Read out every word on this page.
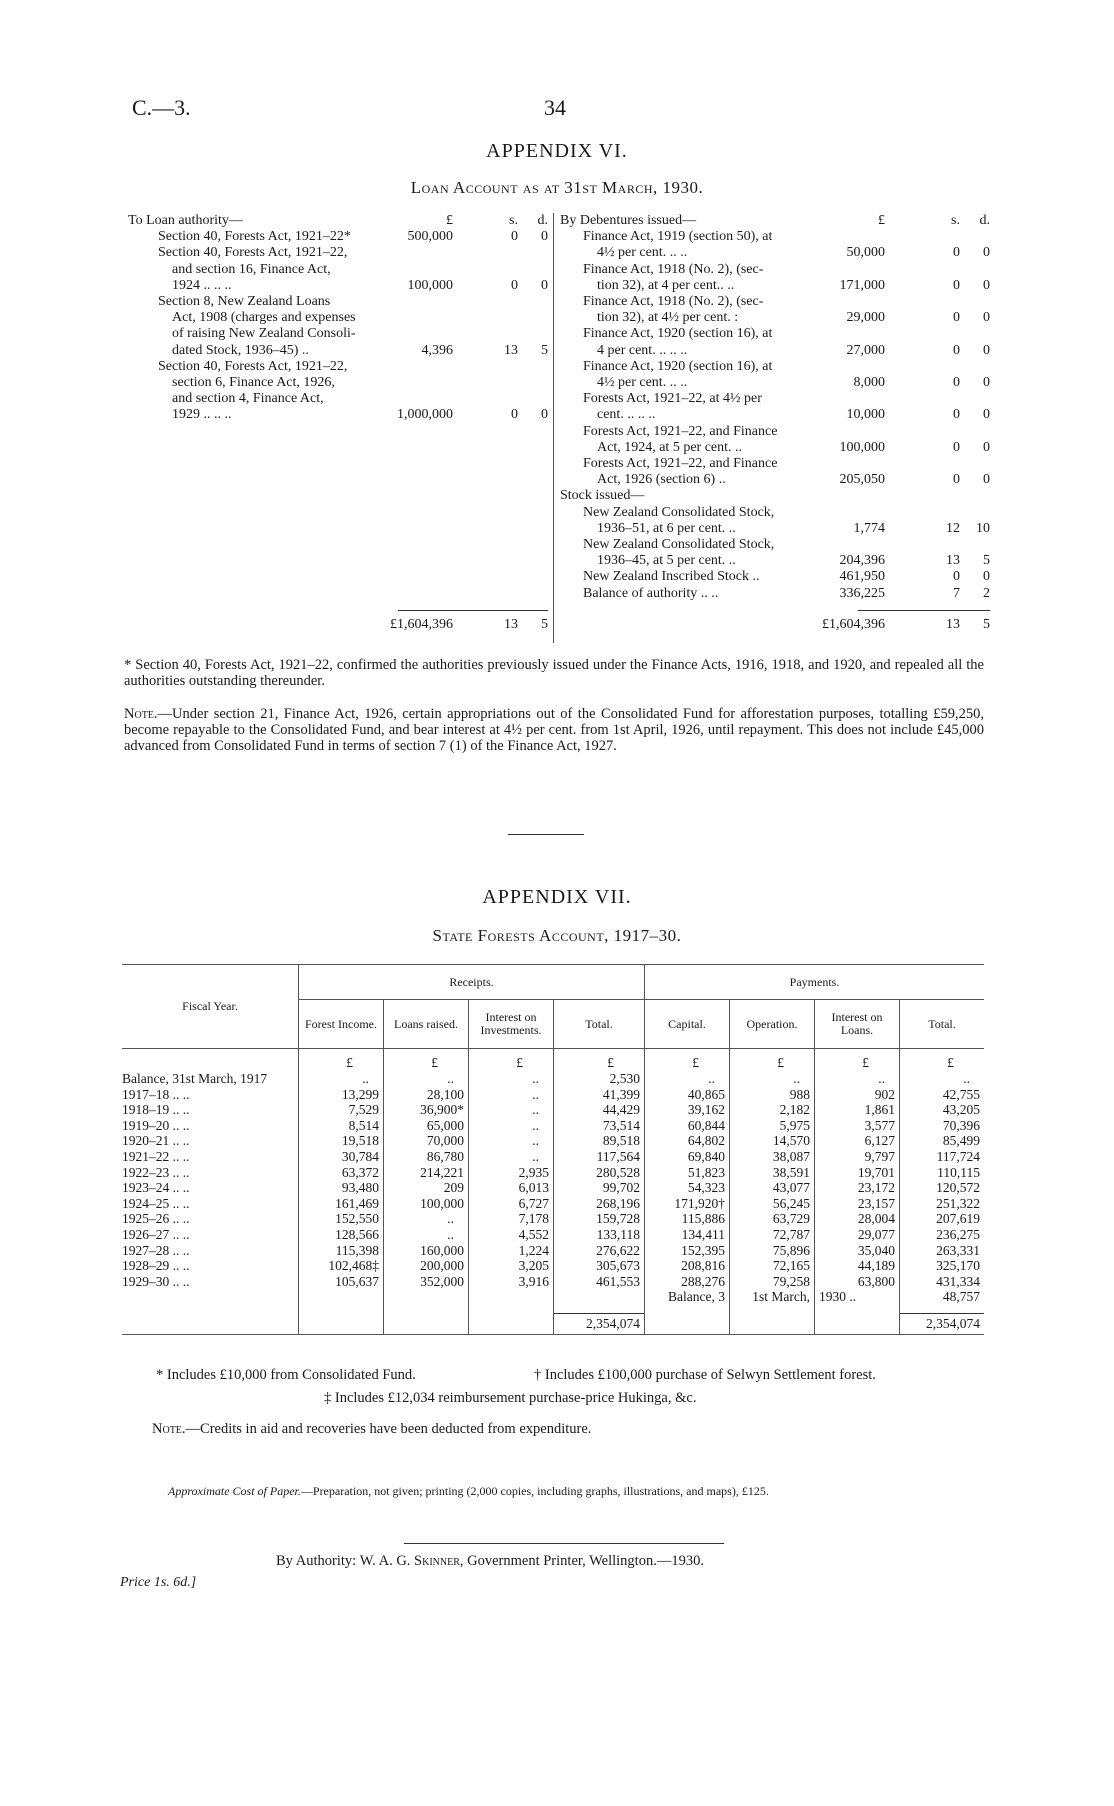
C.—3.	34
APPENDIX VI.
Loan Account as at 31st March, 1930.
To Loan authority—	£	s.	d.
Section 40, Forests Act, 1921–22*	500,000	0	0
Section 40, Forests Act, 1921–22,
and section 16, Finance Act,
1924 .. .. ..	100,000	0	0
Section 8, New Zealand Loans
Act, 1908 (charges and expenses
of raising New Zealand Consoli-
dated Stock, 1936–45) ..	4,396	13	5
Section 40, Forests Act, 1921–22,
section 6, Finance Act, 1926,
and section 4, Finance Act,
1929 .. .. ..	1,000,000	0	0
By Debentures issued—	£	s.	d.
Finance Act, 1919 (section 50), at
4½ per cent. .. ..	50,000	0	0
Finance Act, 1918 (No. 2), (sec-
tion 32), at 4 per cent.. ..	171,000	0	0
Finance Act, 1918 (No. 2), (sec-
tion 32), at 4½ per cent. :	29,000	0	0
Finance Act, 1920 (section 16), at
4 per cent. .. .. ..	27,000	0	0
Finance Act, 1920 (section 16), at
4½ per cent. .. ..	8,000	0	0
Forests Act, 1921–22, at 4½ per
cent. .. .. ..	10,000	0	0
Forests Act, 1921–22, and Finance
Act, 1924, at 5 per cent. ..	100,000	0	0
Forests Act, 1921–22, and Finance
Act, 1926 (section 6) ..	205,050	0	0
Stock issued—
New Zealand Consolidated Stock,
1936–51, at 6 per cent. ..	1,774	12	10
New Zealand Consolidated Stock,
1936–45, at 5 per cent. ..	204,396	13	5
New Zealand Inscribed Stock ..	461,950	0	0
Balance of authority .. ..	336,225	7	2
£1,604,396	13	5	£1,604,396	13	5
* Section 40, Forests Act, 1921–22, confirmed the authorities previously issued under the Finance Acts, 1916, 1918, and 1920, and repealed all the authorities outstanding thereunder.
Note.—Under section 21, Finance Act, 1926, certain appropriations out of the Consolidated Fund for afforestation purposes, totalling £59,250, become repayable to the Consolidated Fund, and bear interest at 4½ per cent. from 1st April, 1926, until repayment. This does not include £45,000 advanced from Consolidated Fund in terms of section 7 (1) of the Finance Act, 1927.
APPENDIX VII.
State Forests Account, 1917–30.
Fiscal Year.	Receipts.				Payments.			
	Forest Income.	Loans raised.	Interest on Investments.	Total.	Capital.	Operation.	Interest on Loans.	Total.
	£	£	£	£	£	£	£	£
Balance, 31st March, 1917	..	..	..	2,530	..	..	..	..
1917–18 .. ..	13,299	28,100	..	41,399	40,865	988	902	42,755
1918–19 .. ..	7,529	36,900*	..	44,429	39,162	2,182	1,861	43,205
1919–20 .. ..	8,514	65,000	..	73,514	60,844	5,975	3,577	70,396
1920–21 .. ..	19,518	70,000	..	89,518	64,802	14,570	6,127	85,499
1921–22 .. ..	30,784	86,780	..	117,564	69,840	38,087	9,797	117,724
1922–23 .. ..	63,372	214,221	2,935	280,528	51,823	38,591	19,701	110,115
1923–24 .. ..	93,480	209	6,013	99,702	54,323	43,077	23,172	120,572
1924–25 .. ..	161,469	100,000	6,727	268,196	171,920†	56,245	23,157	251,322
1925–26 .. ..	152,550	..	7,178	159,728	115,886	63,729	28,004	207,619
1926–27 .. ..	128,566	..	4,552	133,118	134,411	72,787	29,077	236,275
1927–28 .. ..	115,398	160,000	1,224	276,622	152,395	75,896	35,040	263,331
1928–29 .. ..	102,468‡	200,000	3,205	305,673	208,816	72,165	44,189	325,170
1929–30 .. ..	105,637	352,000	3,916	461,553	288,276	79,258	63,800	431,334
					Balance, 3	1st March,	1930 ..	48,757

				2,354,074				2,354,074
* Includes £10,000 from Consolidated Fund.	† Includes £100,000 purchase of Selwyn Settlement forest.
‡ Includes £12,034 reimbursement purchase-price Hukinga, &c.
Note.—Credits in aid and recoveries have been deducted from expenditure.
Approximate Cost of Paper.—Preparation, not given; printing (2,000 copies, including graphs, illustrations, and maps), £125.
By Authority: W. A. G. Skinner, Government Printer, Wellington.—1930.
Price 1s. 6d.]
